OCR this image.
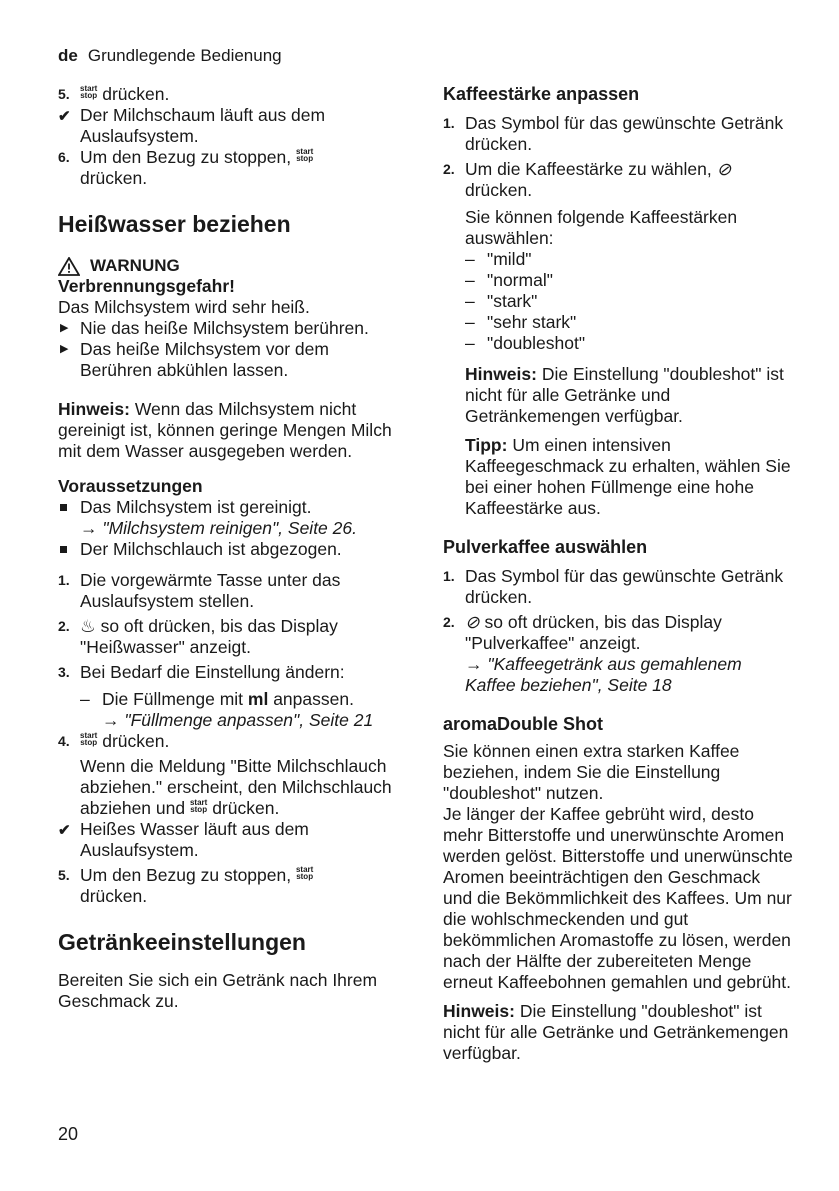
de Grundlegende Bedienung
5. start
stop drücken.
✔ Der Milchschaum läuft aus dem Auslaufsystem.
6. Um den Bezug zu stoppen, start
stop
drücken.
Heißwasser beziehen
WARNUNG
Verbrennungsgefahr!
Das Milchsystem wird sehr heiß.
▶ Nie das heiße Milchsystem berühren.
▶ Das heiße Milchsystem vor dem Berühren abkühlen lassen.

Hinweis: Wenn das Milchsystem nicht gereinigt ist, können geringe Mengen Milch mit dem Wasser ausgegeben werden.

Voraussetzungen
Das Milchsystem ist gereinigt.
→ "Milchsystem reinigen", Seite 26.
Der Milchschlauch ist abgezogen.
1. Die vorgewärmte Tasse unter das Auslaufsystem stellen.
2. ♨ so oft drücken, bis das Display "Heißwasser" anzeigt.
3. Bei Bedarf die Einstellung ändern:
– Die Füllmenge mit ml anpassen.
→ "Füllmenge anpassen", Seite 21
4. start
stop drücken.
Wenn die Meldung "Bitte Milchschlauch abziehen." erscheint, den Milchschlauch abziehen und start
stop drücken.
✔ Heißes Wasser läuft aus dem Auslaufsystem.
5. Um den Bezug zu stoppen, start
stop
drücken.
Getränkeeinstellungen

Bereiten Sie sich ein Getränk nach Ihrem Geschmack zu.

Kaffeestärke anpassen
1. Das Symbol für das gewünschte Getränk drücken.
2. Um die Kaffeestärke zu wählen, ⊘
drücken.
Sie können folgende Kaffeestärken auswählen:
– "mild"
– "normal"
– "stark"
– "sehr stark"
– "doubleshot"
Hinweis: Die Einstellung "doubleshot" ist nicht für alle Getränke und Getränkemengen verfügbar.
Tipp: Um einen intensiven Kaffeegeschmack zu erhalten, wählen Sie bei einer hohen Füllmenge eine hohe Kaffeestärke aus.
Pulverkaffee auswählen
1. Das Symbol für das gewünschte Getränk drücken.
2. ⊘ so oft drücken, bis das Display "Pulverkaffee" anzeigt.
→ "Kaffeegetränk aus gemahlenem Kaffee beziehen", Seite 18
aromaDouble Shot

Sie können einen extra starken Kaffee beziehen, indem Sie die Einstellung "doubleshot" nutzen.

Je länger der Kaffee gebrüht wird, desto mehr Bitterstoffe und unerwünschte Aromen werden gelöst. Bitterstoffe und unerwünschte Aromen beeinträchtigen den Geschmack und die Bekömmlichkeit des Kaffees. Um nur die wohlschmeckenden und gut bekömmlichen Aromastoffe zu lösen, werden nach der Hälfte der zubereiteten Menge erneut Kaffeebohnen gemahlen und gebrüht.

Hinweis: Die Einstellung "doubleshot" ist nicht für alle Getränke und Getränkemengen verfügbar.

20
